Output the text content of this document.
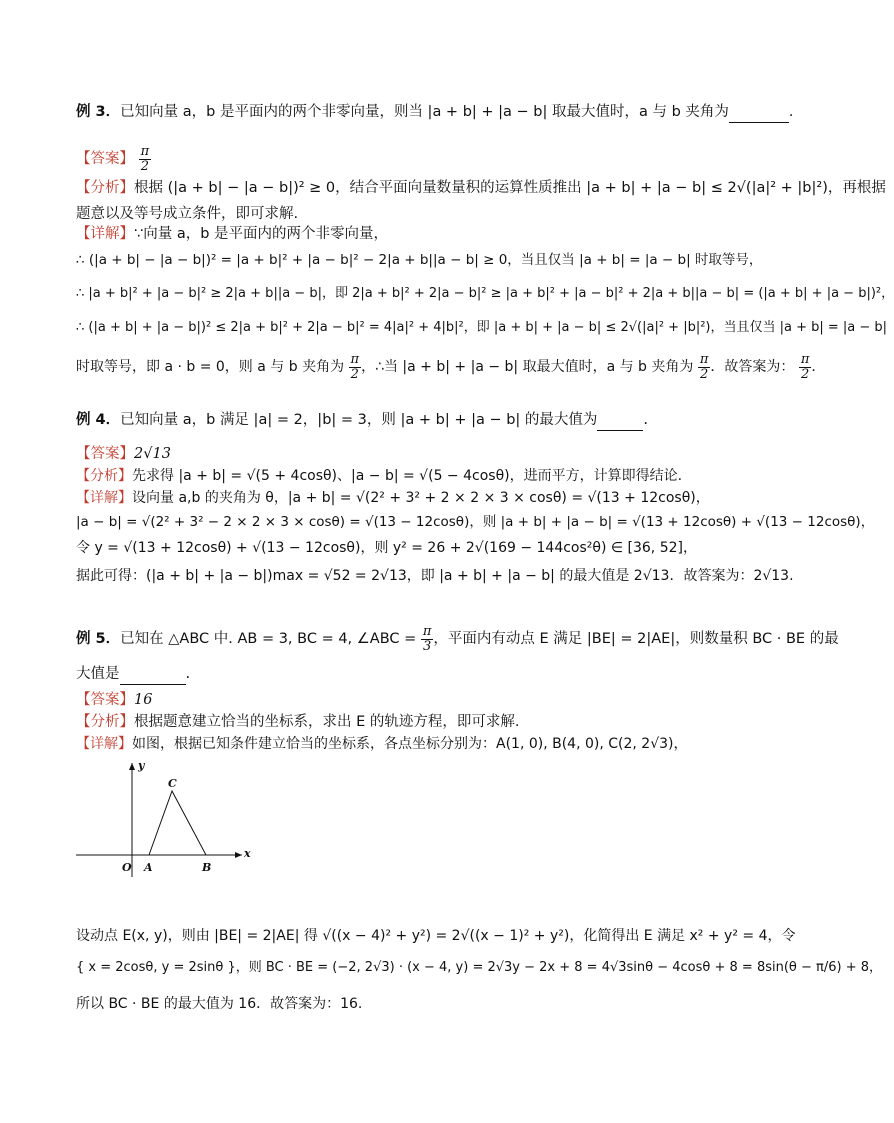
例 3．已知向量 a，b 是平面内的两个非零向量，则当 |a + b| + |a − b| 取最大值时，a 与 b 夹角为	．
【答案】 $\frac{\pi}{2}$
【分析】根据 (|a + b| − |a − b|)² ≥ 0，结合平面向量数量积的运算性质推出 |a + b| + |a − b| ≤ 2√(|a|² + |b|²)，再根据
题意以及等号成立条件，即可求解.
【详解】∵向量 a，b 是平面内的两个非零向量，
∴ (|a + b| − |a − b|)² = |a + b|² + |a − b|² − 2|a + b||a − b| ≥ 0，当且仅当 |a + b| = |a − b| 时取等号，
∴ |a + b|² + |a − b|² ≥ 2|a + b||a − b|，即 2|a + b|² + 2|a − b|² ≥ |a + b|² + |a − b|² + 2|a + b||a − b| = (|a + b| + |a − b|)²，
∴ (|a + b| + |a − b|)² ≤ 2|a + b|² + 2|a − b|² = 4|a|² + 4|b|²，即 |a + b| + |a − b| ≤ 2√(|a|² + |b|²)，当且仅当 |a + b| = |a − b|
时取等号，即 a · b = 0，则 a 与 b 夹角为 $\frac{\pi}{2}$ ，∴当 |a + b| + |a − b| 取最大值时，a 与 b 夹角为 $\frac{\pi}{2}$ ．故答案为： $\frac{\pi}{2}$ .
例 4．已知向量 a，b 满足 |a| = 2，|b| = 3，则 |a + b| + |a − b| 的最大值为	.
【答案】2√13
【分析】先求得 |a + b| = √(5 + 4cosθ)、|a − b| = √(5 − 4cosθ)，进而平方，计算即得结论.
【详解】设向量 a,b 的夹角为 θ，|a + b| = √(2² + 3² + 2 × 2 × 3 × cosθ) = √(13 + 12cosθ)，
|a − b| = √(2² + 3² − 2 × 2 × 3 × cosθ) = √(13 − 12cosθ)，则 |a + b| + |a − b| = √(13 + 12cosθ) + √(13 − 12cosθ)，
令 y = √(13 + 12cosθ) + √(13 − 12cosθ)，则 y² = 26 + 2√(169 − 144cos²θ) ∈ [36, 52]，
据此可得：(|a + b| + |a − b|)max = √52 = 2√13，即 |a + b| + |a − b| 的最大值是 2√13．故答案为：2√13.
例 5．已知在 △ABC 中. AB = 3, BC = 4, ∠ABC = $\frac{\pi}{3}$ ，平面内有动点 E 满足 |BE| = 2|AE|，则数量积 BC · BE 的最
大值是	.
【答案】16
【分析】根据题意建立恰当的坐标系，求出 E 的轨迹方程，即可求解.
【详解】如图，根据已知条件建立恰当的坐标系，各点坐标分别为：A(1, 0), B(4, 0), C(2, 2√3)，
y
x
O A	B
C
设动点 E(x, y)，则由 |BE| = 2|AE| 得 √((x − 4)² + y²) = 2√((x − 1)² + y²)，化简得出 E 满足 x² + y² = 4，令
{ x = 2cosθ, y = 2sinθ }，则 BC · BE = (−2, 2√3) · (x − 4, y) = 2√3y − 2x + 8 = 4√3sinθ − 4cosθ + 8 = 8sin(θ − π/6) + 8，
所以 BC · BE 的最大值为 16．故答案为：16.
